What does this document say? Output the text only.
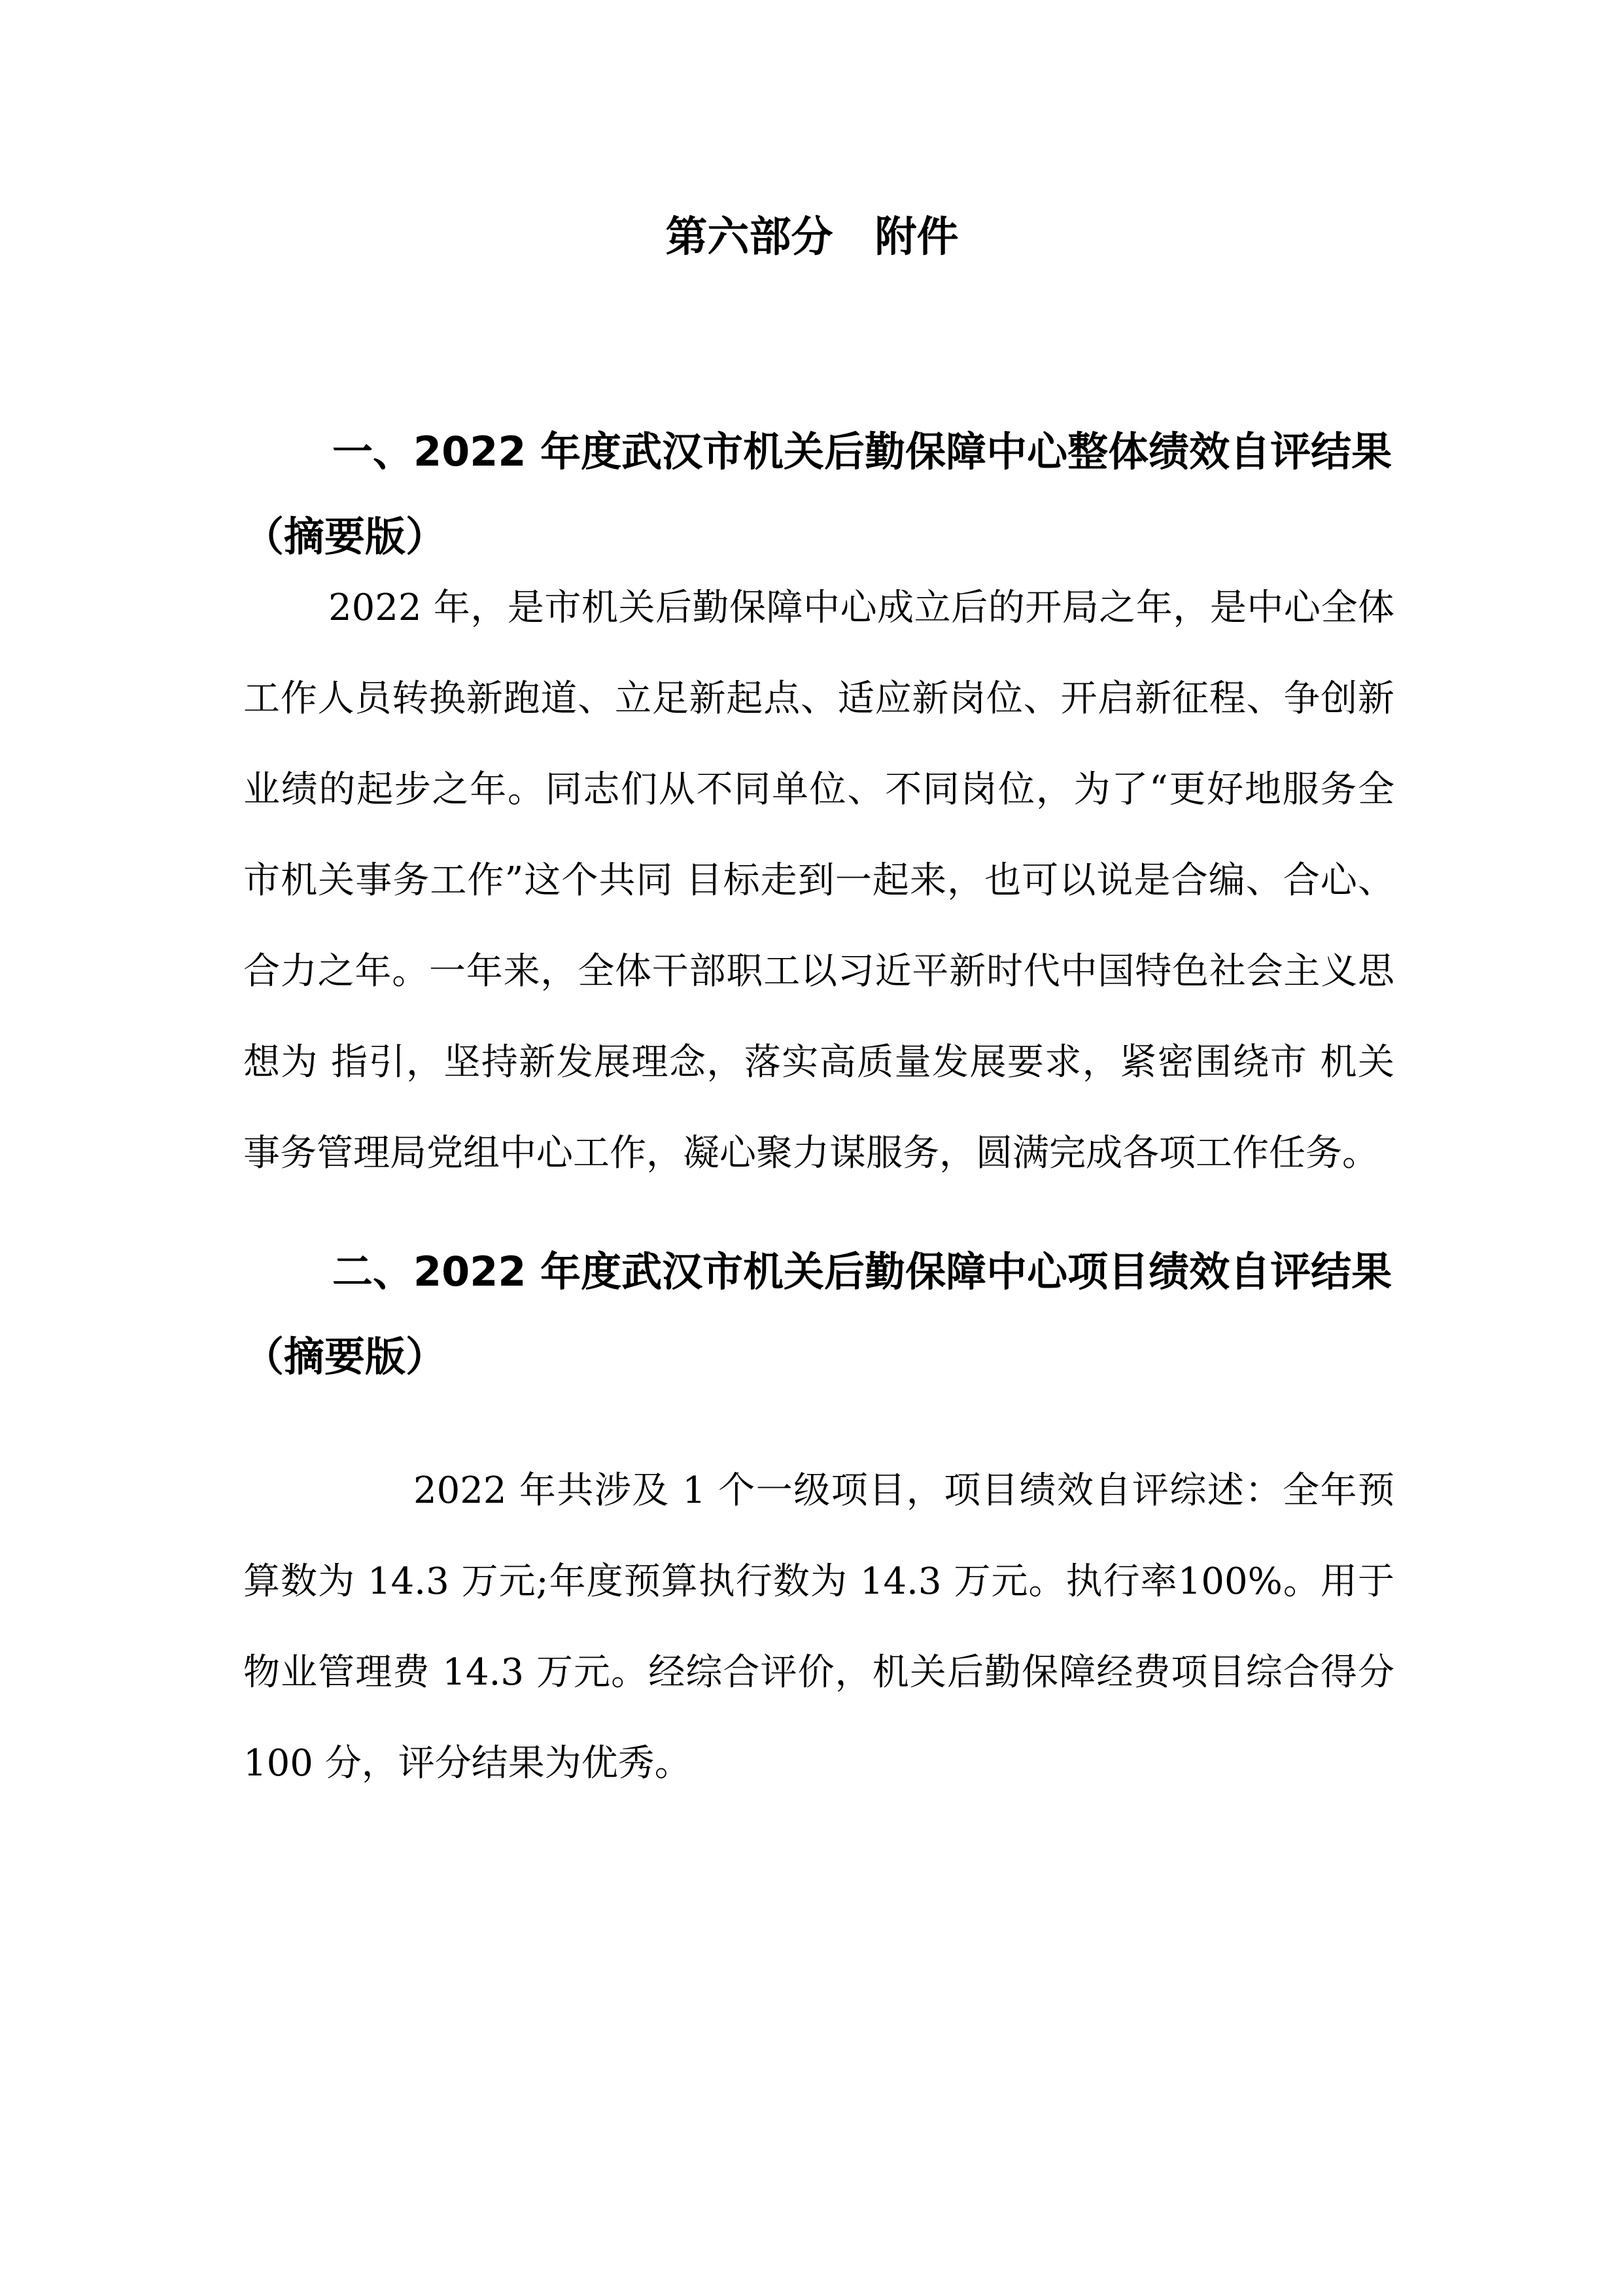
第六部分　附件
一、2022 年度武汉市机关后勤保障中心整体绩效自评结果（摘要版）

2022 年，是市机关后勤保障中心成立后的开局之年，是中心全体工作人员转换新跑道、立足新起点、适应新岗位、开启新征程、争创新业绩的起步之年。同志们从不同单位、不同岗位，为了“更好地服务全市机关事务工作”这个共同 目标走到一起来，也可以说是合编、合心、合力之年。一年来，全体干部职工以习近平新时代中国特色社会主义思想为 指引，坚持新发展理念，落实高质量发展要求，紧密围绕市 机关事务管理局党组中心工作，凝心聚力谋服务，圆满完成各项工作任务。

二、2022 年度武汉市机关后勤保障中心项目绩效自评结果（摘要版）

2022 年共涉及 1 个一级项目，项目绩效自评综述：全年预算数为 14.3 万元;年度预算执行数为 14.3 万元。执行率100%。用于物业管理费 14.3 万元。经综合评价，机关后勤保障经费项目综合得分 100 分，评分结果为优秀。
